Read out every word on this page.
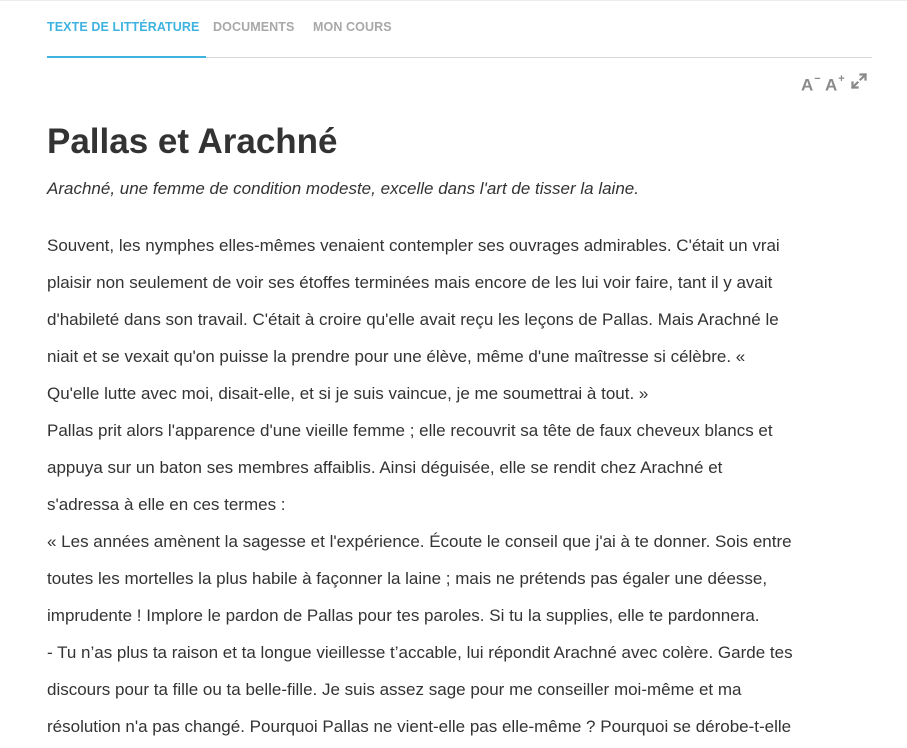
TEXTE DE LITTÉRATURE DOCUMENTS MON COURS
A− A+
Pallas et Arachné

Arachné, une femme de condition modeste, excelle dans l'art de tisser la laine.

Souvent, les nymphes elles-mêmes venaient contempler ses ouvrages admirables. C'était un vrai
plaisir non seulement de voir ses étoffes terminées mais encore de les lui voir faire, tant il y avait
d'habileté dans son travail. C'était à croire qu'elle avait reçu les leçons de Pallas. Mais Arachné le
niait et se vexait qu'on puisse la prendre pour une élève, même d'une maîtresse si célèbre. «
Qu'elle lutte avec moi, disait-elle, et si je suis vaincue, je me soumettrai à tout. »
Pallas prit alors l'apparence d'une vieille femme ; elle recouvrit sa tête de faux cheveux blancs et
appuya sur un baton ses membres affaiblis. Ainsi déguisée, elle se rendit chez Arachné et
s'adressa à elle en ces termes :
« Les années amènent la sagesse et l'expérience. Écoute le conseil que j'ai à te donner. Sois entre
toutes les mortelles la plus habile à façonner la laine ; mais ne prétends pas égaler une déesse,
imprudente ! Implore le pardon de Pallas pour tes paroles. Si tu la supplies, elle te pardonnera.
- Tu n’as plus ta raison et ta longue vieillesse t’accable, lui répondit Arachné avec colère. Garde tes
discours pour ta fille ou ta belle-fille. Je suis assez sage pour me conseiller moi-même et ma
résolution n'a pas changé. Pourquoi Pallas ne vient-elle pas elle-même ? Pourquoi se dérobe-t-elle
